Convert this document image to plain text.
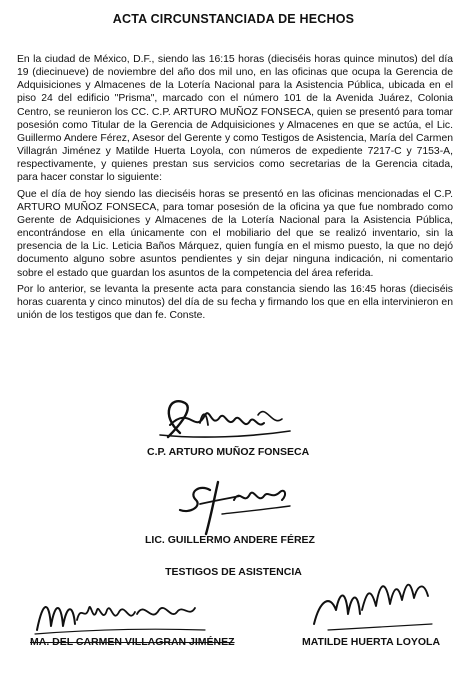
ACTA CIRCUNSTANCIADA DE HECHOS

En la ciudad de México, D.F., siendo las 16:15 horas (dieciséis horas quince minutos) del día 19 (diecinueve) de noviembre del año dos mil uno, en las oficinas que ocupa la Gerencia de Adquisiciones y Almacenes de la Lotería Nacional para la Asistencia Pública, ubicada en el piso 24 del edificio "Prisma", marcado con el número 101 de la Avenida Juárez, Colonia Centro, se reunieron los CC. C.P. ARTURO MUÑOZ FONSECA, quien se presentó para tomar posesión como Titular de la Gerencia de Adquisiciones y Almacenes en que se actúa, el Lic. Guillermo Andere Férez, Asesor del Gerente y como Testigos de Asistencia, María del Carmen Villagrán Jiménez y Matilde Huerta Loyola, con números de expediente 7217-C y 7153-A, respectivamente, y quienes prestan sus servicios como secretarias de la Gerencia citada, para hacer constar lo siguiente:

Que el día de hoy siendo las dieciséis horas se presentó en las oficinas mencionadas el C.P. ARTURO MUÑOZ FONSECA, para tomar posesión de la oficina ya que fue nombrado como Gerente de Adquisiciones y Almacenes de la Lotería Nacional para la Asistencia Pública, encontrándose en ella únicamente con el mobiliario del que se realizó inventario, sin la presencia de la Lic. Leticia Baños Márquez, quien fungía en el mismo puesto, la que no dejó documento alguno sobre asuntos pendientes y sin dejar ninguna indicación, ni comentario sobre el estado que guardan los asuntos de la competencia del área referida.

Por lo anterior, se levanta la presente acta para constancia siendo las 16:45 horas (dieciséis horas cuarenta y cinco minutos) del día de su fecha y firmando los que en ella intervinieron en unión de los testigos que dan fe. Conste.

C.P. ARTURO MUÑOZ FONSECA
LIC. GUILLERMO ANDERE FÉREZ
TESTIGOS DE ASISTENCIA
MA. DEL CARMEN VILLAGRAN JIMÉNEZ	MATILDE HUERTA LOYOLA
